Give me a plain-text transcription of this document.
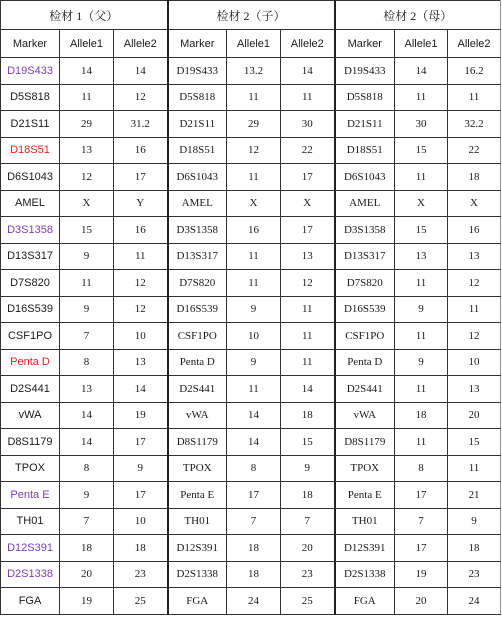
检材 1（父）			检材 2（子）			检材 2（母）		
Marker	Allele1	Allele2	Marker	Allele1	Allele2	Marker	Allele1	Allele2
D19S433	14	14	D19S433	13.2	14	D19S433	14	16.2
D5S818	11	12	D5S818	11	11	D5S818	11	11
D21S11	29	31.2	D21S11	29	30	D21S11	30	32.2
D18S51	13	16	D18S51	12	22	D18S51	15	22
D6S1043	12	17	D6S1043	11	17	D6S1043	11	18
AMEL	X	Y	AMEL	X	X	AMEL	X	X
D3S1358	15	16	D3S1358	16	17	D3S1358	15	16
D13S317	9	11	D13S317	11	13	D13S317	13	13
D7S820	11	12	D7S820	11	12	D7S820	11	12
D16S539	9	12	D16S539	9	11	D16S539	9	11
CSF1PO	7	10	CSF1PO	10	11	CSF1PO	11	12
Penta D	8	13	Penta D	9	11	Penta D	9	10
D2S441	13	14	D2S441	11	14	D2S441	11	13
vWA	14	19	vWA	14	18	vWA	18	20
D8S1179	14	17	D8S1179	14	15	D8S1179	11	15
TPOX	8	9	TPOX	8	9	TPOX	8	11
Penta E	9	17	Penta E	17	18	Penta E	17	21
TH01	7	10	TH01	7	7	TH01	7	9
D12S391	18	18	D12S391	18	20	D12S391	17	18
D2S1338	20	23	D2S1338	18	23	D2S1338	19	23
FGA	19	25	FGA	24	25	FGA	20	24
